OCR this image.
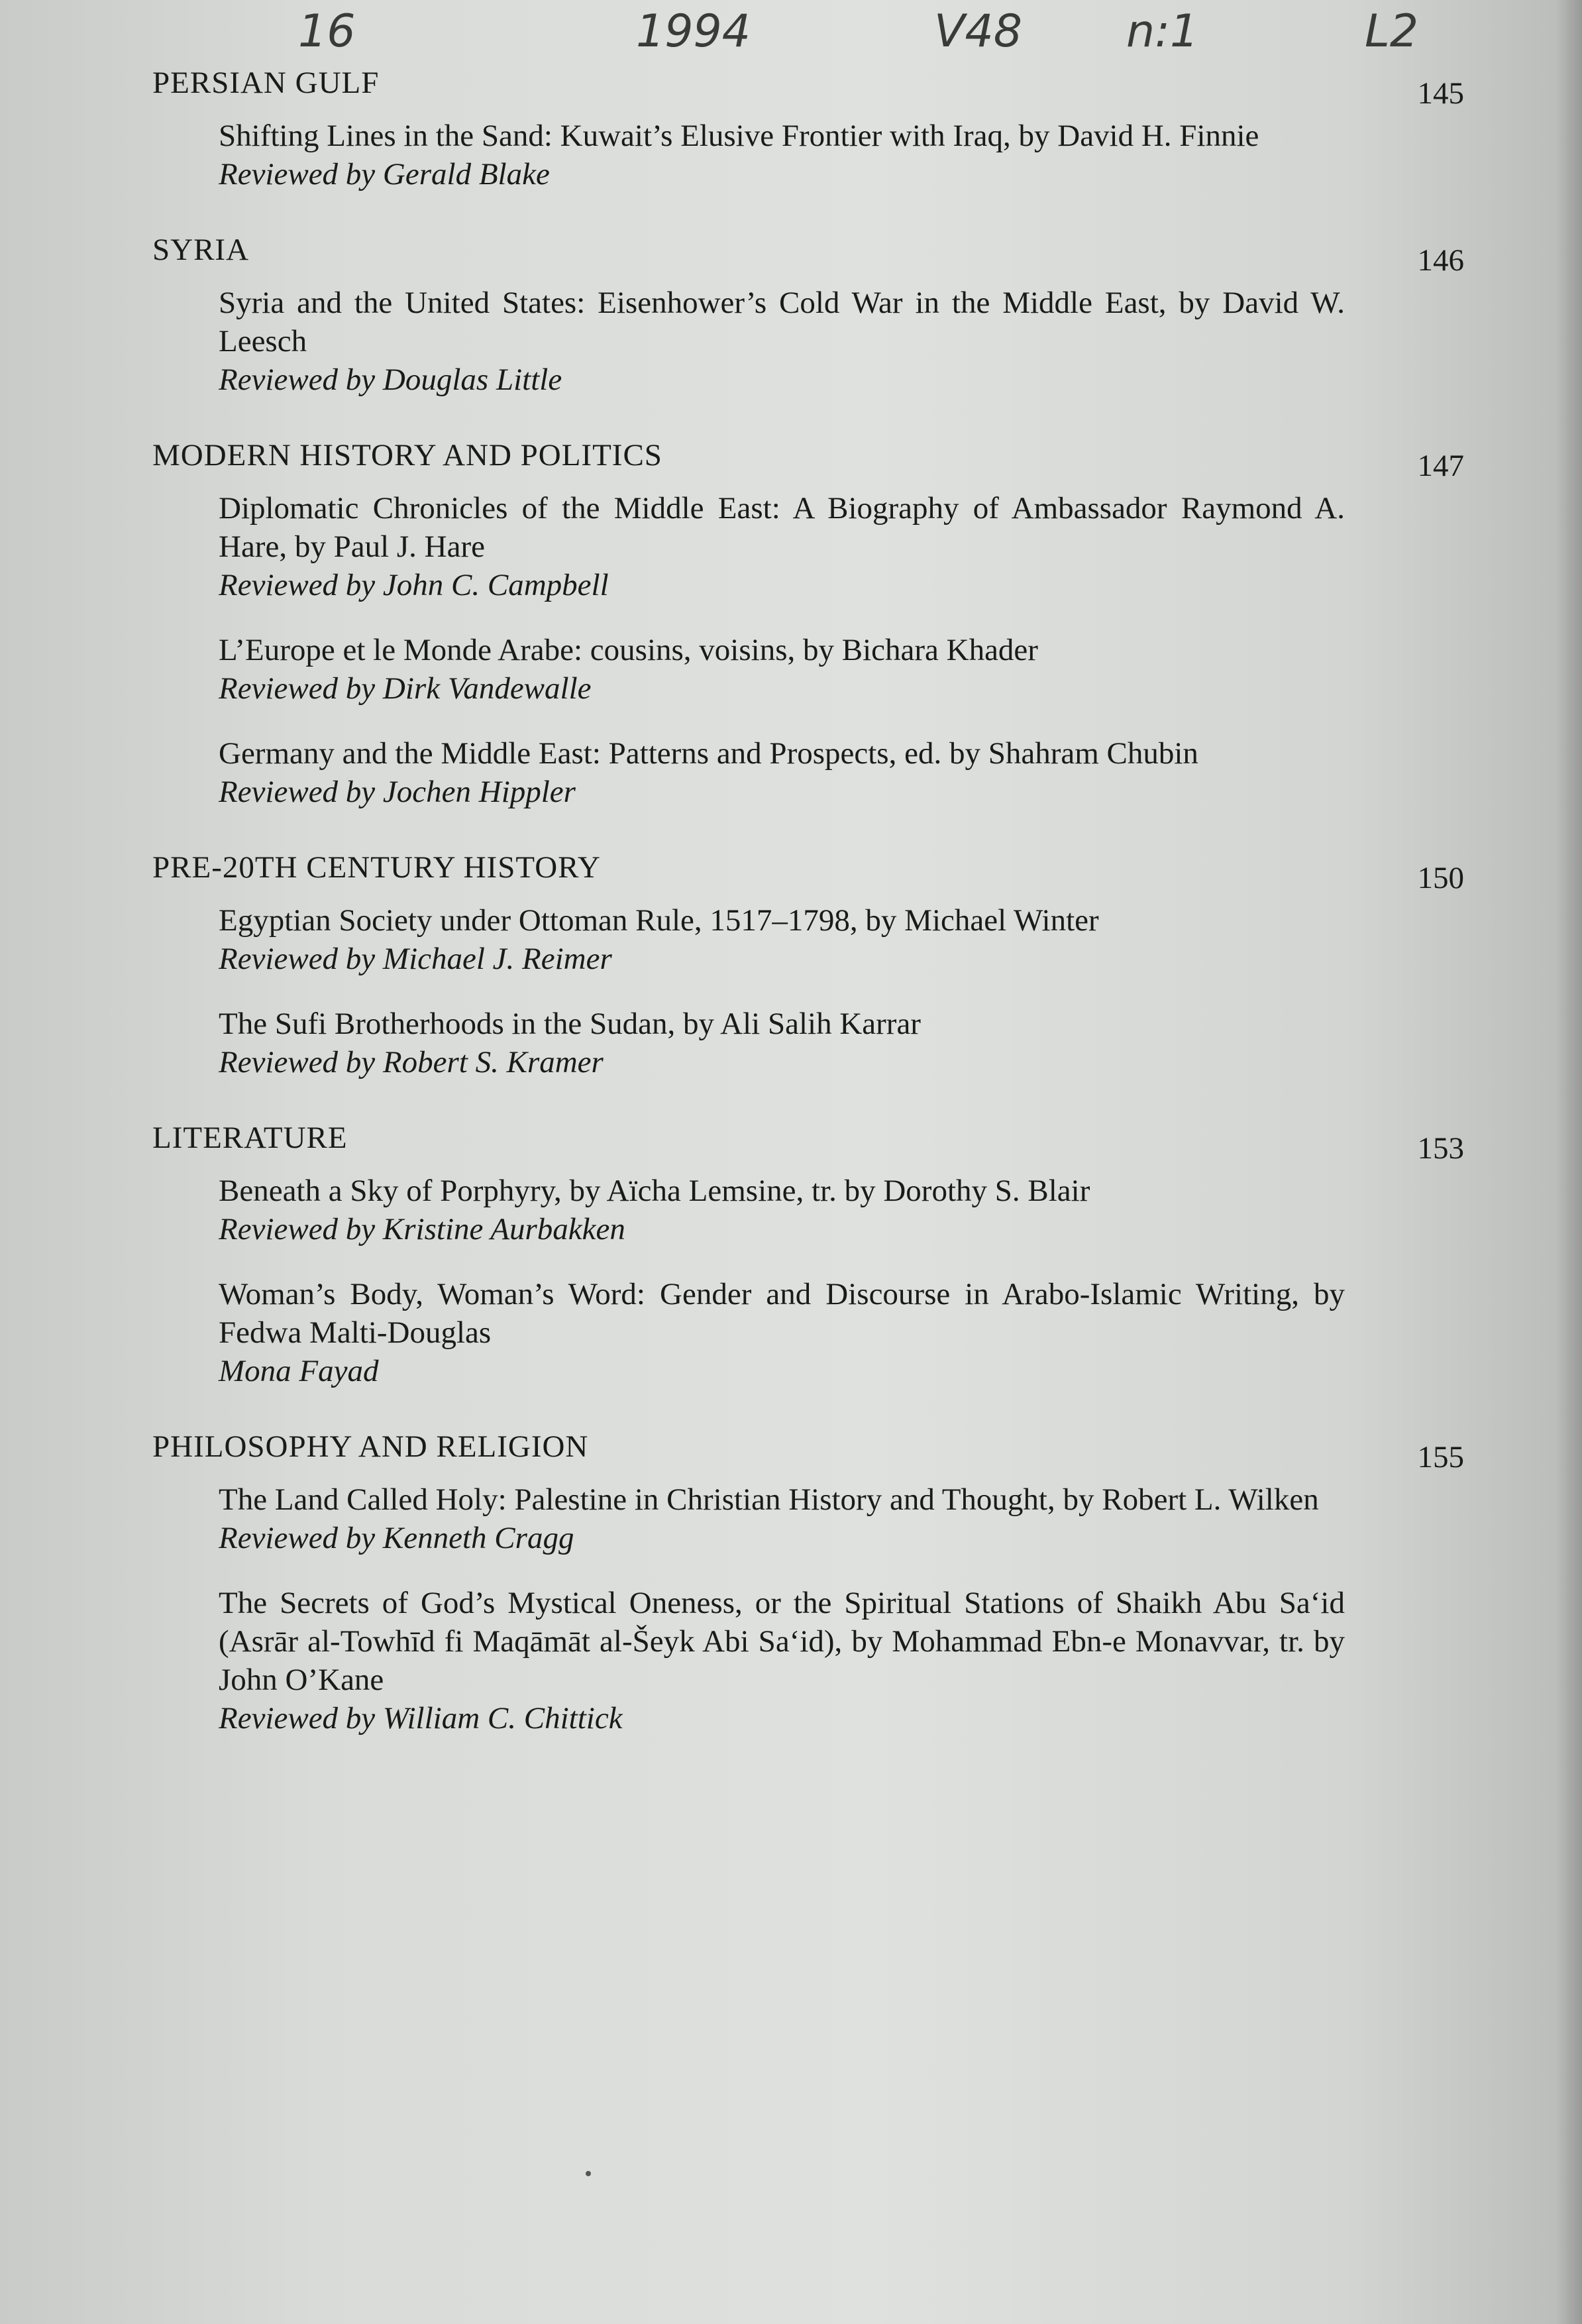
16	1994	V48 n:1	L2
PERSIAN GULF	145
Shifting Lines in the Sand: Kuwait’s Elusive Frontier with Iraq, by David H. Finnie
Reviewed by Gerald Blake
SYRIA	146
Syria and the United States: Eisenhower’s Cold War in the Middle East, by David W. Leesch
Reviewed by Douglas Little
MODERN HISTORY AND POLITICS	147
Diplomatic Chronicles of the Middle East: A Biography of Ambassador Raymond A. Hare, by Paul J. Hare
Reviewed by John C. Campbell
L’Europe et le Monde Arabe: cousins, voisins, by Bichara Khader
Reviewed by Dirk Vandewalle
Germany and the Middle East: Patterns and Prospects, ed. by Shahram Chubin
Reviewed by Jochen Hippler
PRE-20TH CENTURY HISTORY	150
Egyptian Society under Ottoman Rule, 1517–1798, by Michael Winter
Reviewed by Michael J. Reimer
The Sufi Brotherhoods in the Sudan, by Ali Salih Karrar
Reviewed by Robert S. Kramer
LITERATURE	153
Beneath a Sky of Porphyry, by Aïcha Lemsine, tr. by Dorothy S. Blair
Reviewed by Kristine Aurbakken
Woman’s Body, Woman’s Word: Gender and Discourse in Arabo-Islamic Writing, by Fedwa Malti-Douglas
Mona Fayad
PHILOSOPHY AND RELIGION	155
The Land Called Holy: Palestine in Christian History and Thought, by Robert L. Wilken
Reviewed by Kenneth Cragg
The Secrets of God’s Mystical Oneness, or the Spiritual Stations of Shaikh Abu Sa‘id (Asrār al-Towhīd fi Maqāmāt al-Šeyk Abi Sa‘id), by Mohammad Ebn-e Monavvar, tr. by John O’Kane
Reviewed by William C. Chittick
